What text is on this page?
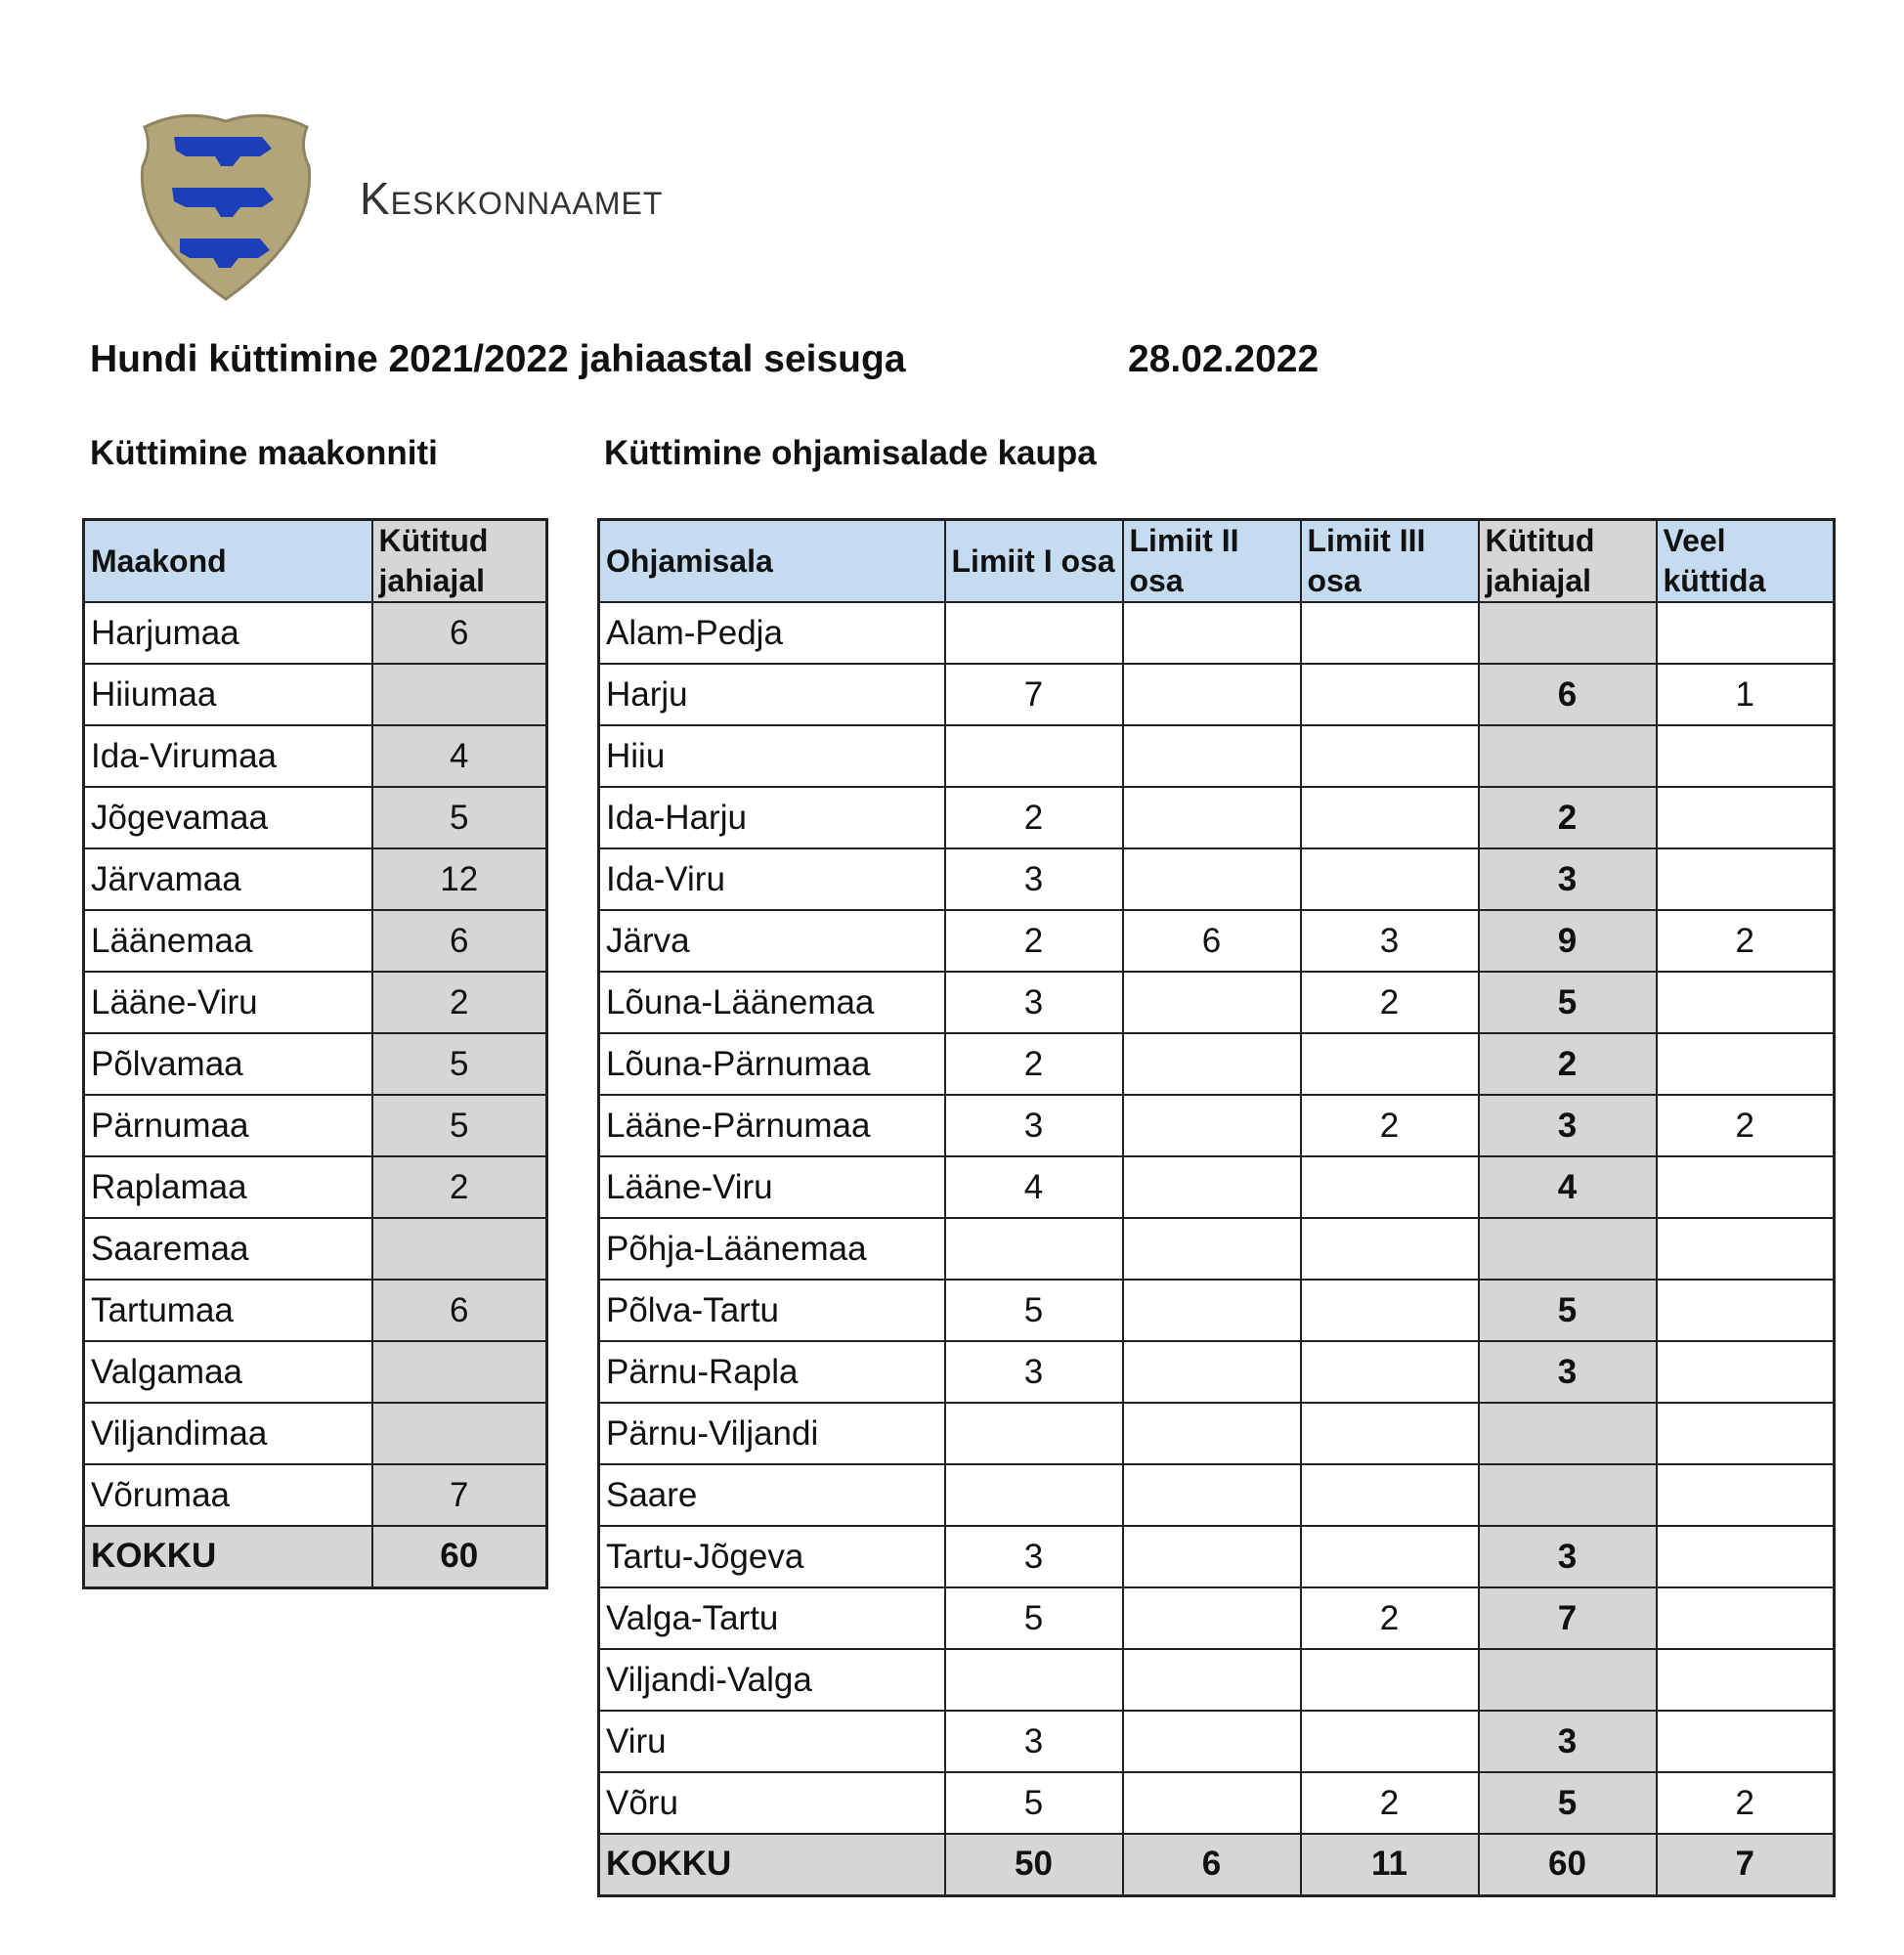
Keskkonnaamet
Hundi küttimine 2021/2022 jahiaastal seisuga	28.02.2022
Küttimine maakonniti	Küttimine ohjamisalade kaupa
Maakond	Kütitud jahiajal
Harjumaa	6
Hiiumaa	
Ida-Virumaa	4
Jõgevamaa	5
Järvamaa	12
Läänemaa	6
Lääne-Viru	2
Põlvamaa	5
Pärnumaa	5
Raplamaa	2
Saaremaa	
Tartumaa	6
Valgamaa	
Viljandimaa	
Võrumaa	7
KOKKU	60
Ohjamisala	Limiit I osa	Limiit II osa	Limiit III osa	Kütitud jahiajal	Veel küttida
Alam-Pedja					
Harju	7			6	1
Hiiu					
Ida-Harju	2			2	
Ida-Viru	3			3	
Järva	2	6	3	9	2
Lõuna-Läänemaa	3		2	5	
Lõuna-Pärnumaa	2			2	
Lääne-Pärnumaa	3		2	3	2
Lääne-Viru	4			4	
Põhja-Läänemaa					
Põlva-Tartu	5			5	
Pärnu-Rapla	3			3	
Pärnu-Viljandi					
Saare					
Tartu-Jõgeva	3			3	
Valga-Tartu	5		2	7	
Viljandi-Valga					
Viru	3			3	
Võru	5		2	5	2
KOKKU	50	6	11	60	7
